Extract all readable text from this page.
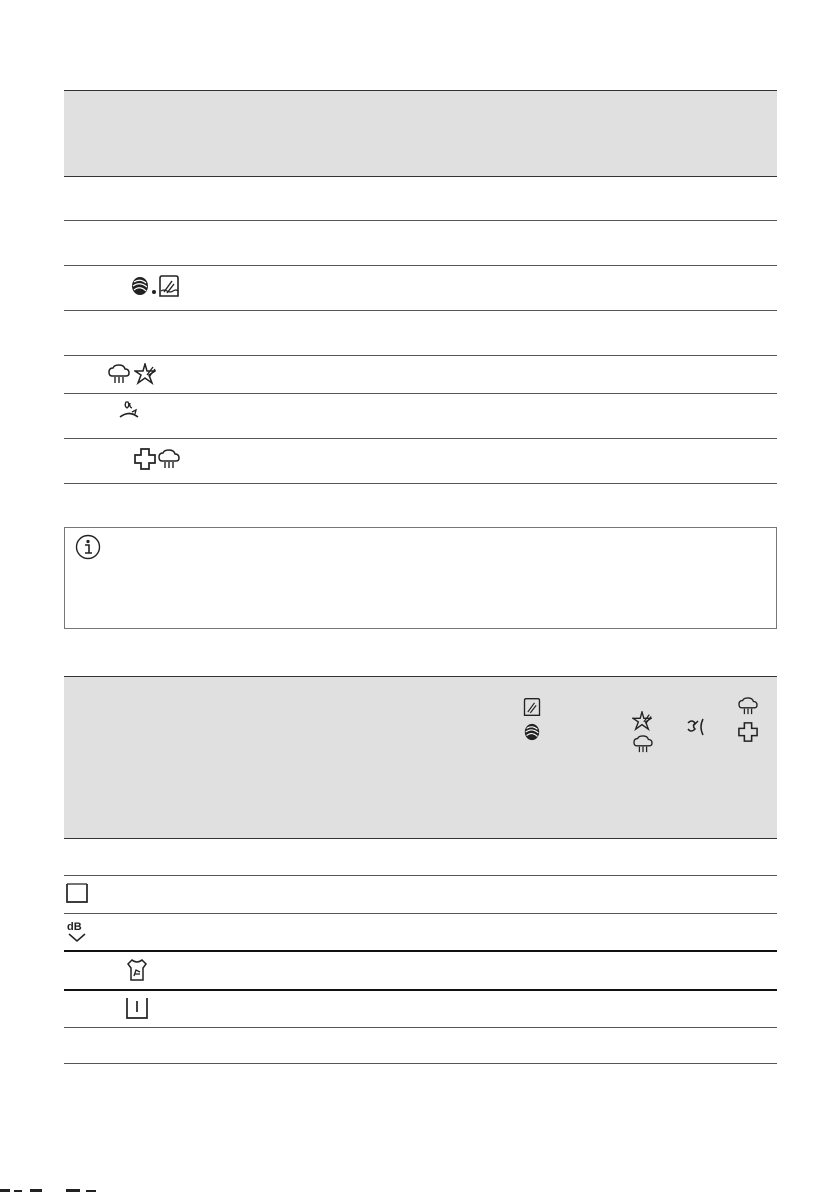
dB
